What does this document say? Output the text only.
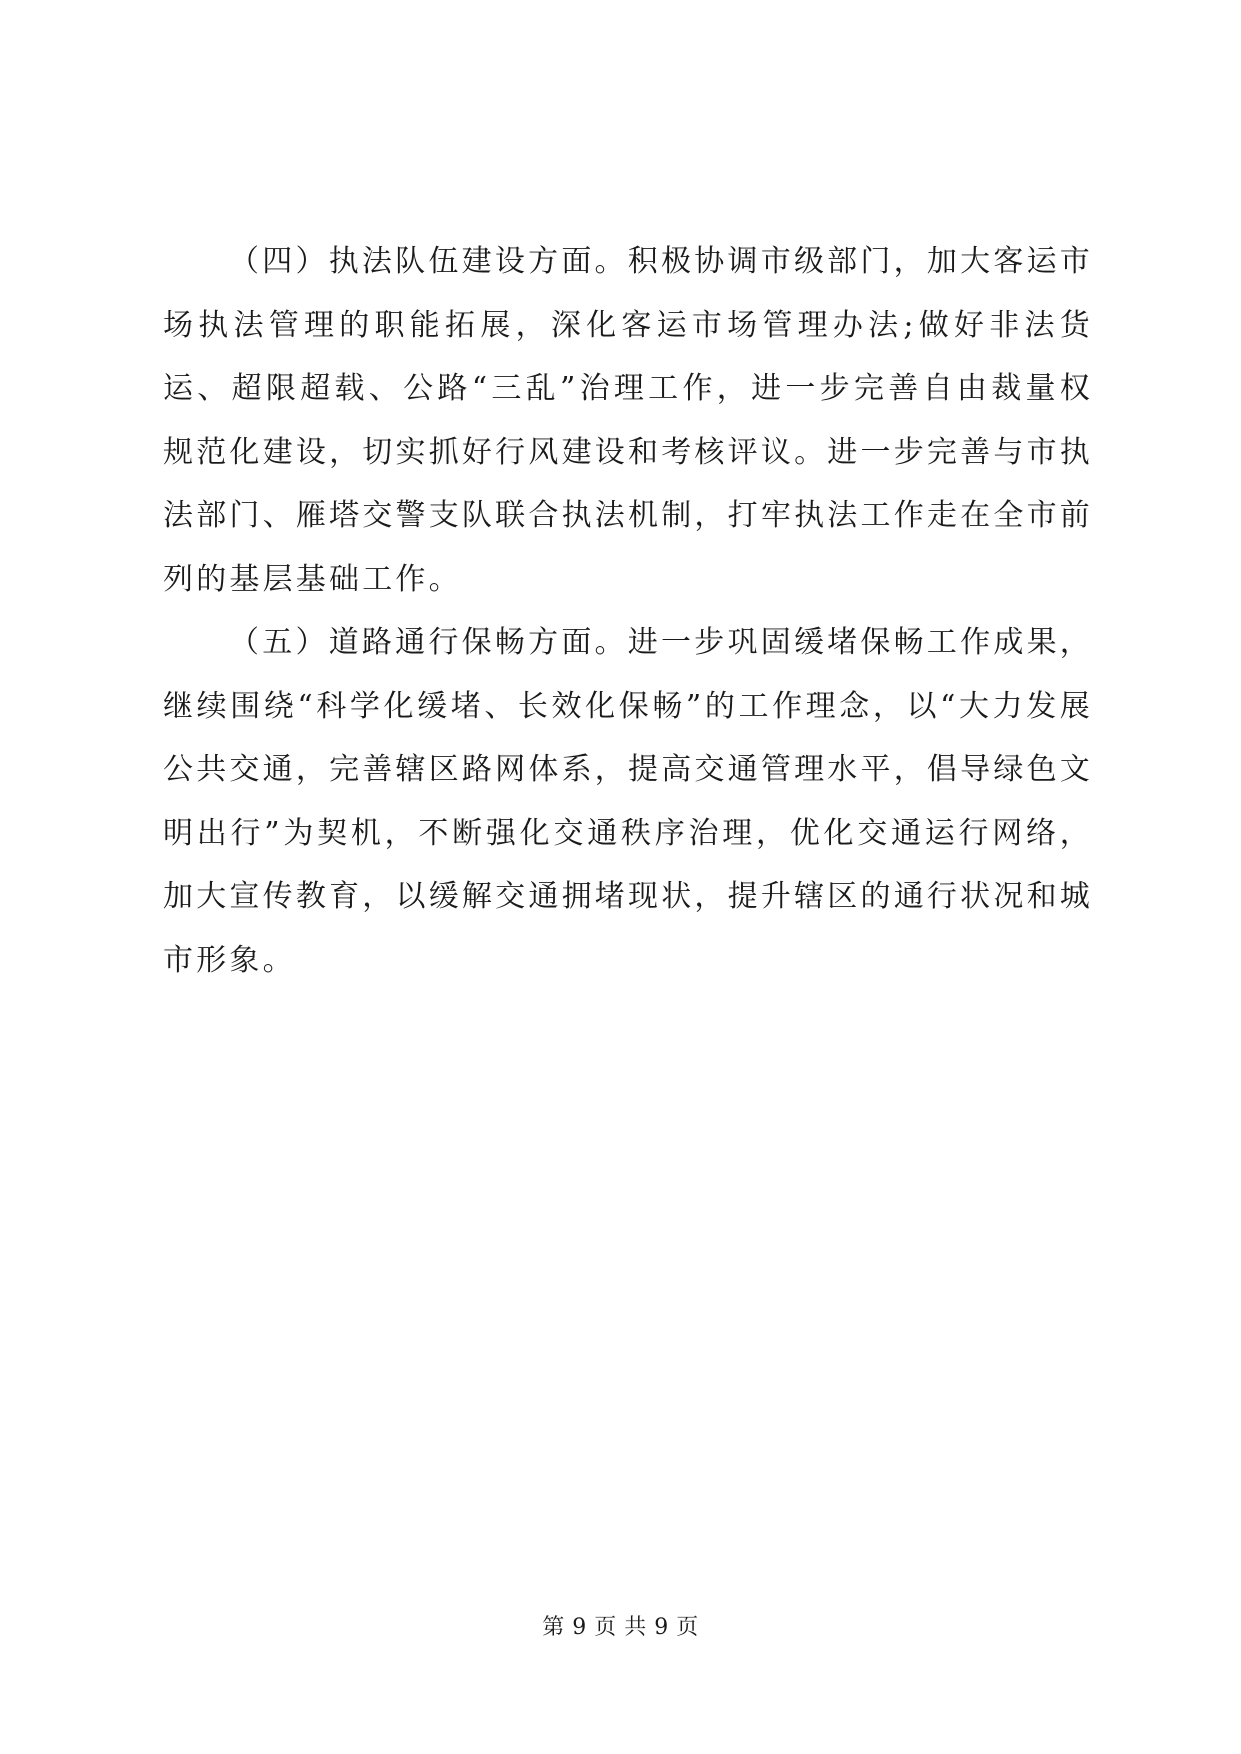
（四）执法队伍建设方面。积极协调市级部门，加大客运市场执法管理的职能拓展，深化客运市场管理办法;做好非法货运、超限超载、公路“三乱”治理工作，进一步完善自由裁量权规范化建设，切实抓好行风建设和考核评议。进一步完善与市执法部门、雁塔交警支队联合执法机制，打牢执法工作走在全市前列的基层基础工作。

（五）道路通行保畅方面。进一步巩固缓堵保畅工作成果，继续围绕“科学化缓堵、长效化保畅”的工作理念，以“大力发展公共交通，完善辖区路网体系，提高交通管理水平，倡导绿色文明出行”为契机，不断强化交通秩序治理，优化交通运行网络，加大宣传教育，以缓解交通拥堵现状，提升辖区的通行状况和城市形象。

第 9 页 共 9 页
